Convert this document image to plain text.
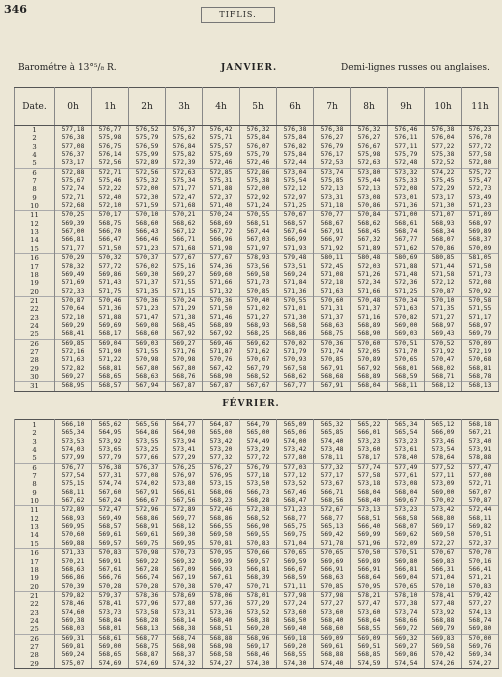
346	TIFLIS.
Barométre à 13°⁵/₈ R.	JANVIER.	Demi-lignes russes ou anglaises.
Date.	0h	1h	2h	3h	4h	5h	6h	7h	8h	9h	10h	11h
1	577,18	576,77	576,52	576,37	576,42	576,32	576,38	576,38	576,32	576,46	576,38	576,23
2	576,38	575,98	575,79	575,62	575,71	575,84	575,84	576,27	576,27	576,11	576,04	576,70
3	577,08	576,75	576,59	576,84	575,57	576,07	576,82	576,79	576,67	577,11	577,22	577,72
4	576,37	576,14	575,99	575,82	575,69	575,79	575,84	576,17	575,98	575,79	575,38	577,58
5	573,17	572,56	572,89	572,39	572,46	572,46	572,44	572,53	572,63	572,48	572,52	572,80
6	572,88	572,71	572,56	572,63	572,85	572,86	573,04	573,74	573,80	573,32	574,22	575,72
7	575,67	575,46	575,32	575,34	575,31	575,38	575,54	575,85	575,44	575,33	575,45	575,47
8	572,74	572,22	572,00	571,77	571,88	572,00	572,12	572,13	572,13	572,08	572,29	572,73
9	572,71	572,40	572,30	572,47	572,37	572,92	572,97	573,31	573,08	573,01	573,17	573,49
10	572,68	572,10	571,59	571,68	571,40	571,24	571,25	571,18	570,86	571,36	571,30	571,23
11	570,25	570,17	570,10	570,21	570,24	570,55	570,67	570,77	570,84	571,00	571,07	571,09
12	569,39	568,75	568,60	568,62	568,69	568,51	568,57	568,67	568,62	568,61	568,93	568,97
13	567,00	566,70	566,43	567,12	567,72	567,44	567,64	567,91	568,45	568,74	568,34	569,89
14	566,81	566,47	566,46	566,71	566,96	567,03	566,99	566,97	567,32	567,77	568,07	568,37
15	571,77	571,50	571,23	571,68	571,98	571,97	571,93	571,92	571,89	571,62	570,86	570,09
16	570,29	570,32	570,37	577,67	577,67	578,93	579,48	580,11	580,48	580,69	580,85	581,05
17	578,32	577,72	576,02	575,16	574,36	573,56	573,51	572,45	572,03	571,88	571,44	571,50
18	569,49	569,86	569,30	569,27	569,60	569,58	569,24	571,08	571,26	571,48	571,58	571,73
19	571,69	571,43	571,37	571,55	571,66	571,73	571,84	572,18	572,34	572,36	572,12	572,08
20	572,33	571,75	571,35	571,15	571,32	570,85	571,36	571,63	571,66	571,25	570,87	570,92
21	570,87	570,46	570,36	570,24	570,36	570,40	570,55	570,60	570,48	570,34	570,10	570,58
22	570,64	571,36	571,23	571,29	571,50	571,02	571,01	571,31	571,37	571,63	571,35	571,55
23	572,10	571,88	571,47	571,38	571,46	571,27	571,30	571,37	571,16	570,82	571,27	571,17
24	569,29	569,69	569,08	568,45	568,89	568,93	568,58	568,63	568,89	569,00	568,97	568,97
25	568,41	568,17	568,60	567,92	567,92	568,25	568,86	568,75	568,90	569,03	569,43	569,79
26	569,85	569,04	569,03	569,27	569,46	569,62	570,02	570,36	570,60	570,51	570,52	570,09
27	572,16	571,90	571,55	571,76	571,87	571,62	571,79	571,74	572,05	571,70	571,92	572,19
28	571,63	571,22	570,98	570,98	570,76	570,67	570,93	570,85	570,89	570,65	570,47	570,68
29	572,82	568,81	567,80	567,80	567,42	567,79	567,58	567,91	567,92	568,01	568,02	568,81
30	569,27	568,65	568,63	568,76	568,90	568,52	568,62	568,68	568,89	568,59	568,71	568,78
31	568,95	568,57	567,94	567,87	567,87	567,67	567,77	567,91	568,04	568,11	568,12	568,13
FÉVRIER.
1	566,10	565,62	565,56	564,77	564,87	564,79	565,09	565,32	565,22	565,34	565,12	568,18
2	565,34	564,95	564,86	564,90	565,00	565,00	565,06	565,85	566,01	565,54	566,09	567,21
3	573,53	573,92	573,55	573,94	573,42	574,49	574,00	574,40	573,23	573,23	573,46	573,40
4	574,03	573,65	573,25	573,41	573,20	573,29	573,42	573,48	573,60	573,61	573,54	573,91
5	577,99	577,79	577,66	577,29	577,32	577,72	577,80	578,11	578,17	578,40	578,64	578,88
6	576,77	576,38	576,37	576,25	576,27	576,79	577,03	577,32	577,74	577,49	577,52	577,47
7	577,54	577,31	577,08	576,97	576,95	577,18	577,12	577,17	577,58	577,61	577,11	577,00
8	575,15	574,74	574,02	573,80	573,15	573,50	573,52	573,67	573,18	573,08	573,09	572,71
9	568,11	567,60	567,91	566,61	568,06	566,73	567,46	566,71	568,04	568,04	569,00	567,07
10	567,62	567,24	566,67	567,56	568,23	568,28	568,47	568,56	568,40	569,67	570,02	570,87
11	572,89	572,47	572,96	572,89	572,46	572,38	571,23	572,67	573,13	573,23	573,42	572,44
12	568,93	569,49	568,86	569,77	568,86	568,52	568,77	568,77	568,51	568,58	568,80	568,11
13	569,95	568,57	568,91	568,12	566,55	566,90	565,75	565,13	566,40	568,07	569,17	569,82
14	570,60	569,61	569,61	569,30	569,50	569,55	569,75	569,42	569,99	569,62	569,50	570,51
15	569,88	569,57	569,75	569,95	570,81	570,83	571,04	571,78	571,96	572,09	572,27	572,37
16	571,33	570,83	570,98	570,73	570,95	570,66	570,65	570,65	570,50	570,51	570,67	570,70
17	570,21	569,91	569,22	569,32	569,39	569,57	569,59	569,69	569,89	569,80	569,83	570,16
18	568,63	567,61	567,28	567,09	566,93	566,81	566,67	566,91	566,91	566,81	566,31	566,41
19	566,86	566,76	566,74	567,19	567,61	568,39	568,59	568,63	568,64	569,04	571,04	571,21
20	570,39	570,28	570,28	570,38	570,47	570,71	571,11	570,85	570,95	570,65	570,10	570,83
21	579,82	579,37	578,36	578,69	578,06	578,01	577,98	577,98	578,21	578,10	578,41	579,42
22	578,46	578,41	577,96	577,80	577,36	577,29	577,24	577,27	577,47	577,38	577,48	577,27
23	574,60	573,73	573,58	573,31	573,36	573,52	573,60	573,60	573,60	573,74	573,92	574,13
24	569,38	568,84	568,28	568,14	568,40	568,38	568,50	568,40	568,64	568,66	568,88	568,74
25	568,03	568,01	568,13	568,38	568,51	569,20	569,40	568,60	568,55	569,72	569,79	569,80
26	569,31	568,61	568,77	568,74	568,88	568,96	569,18	569,09	569,09	569,32	569,83	570,00
27	569,81	569,00	568,75	568,98	568,98	569,17	569,20	569,61	569,51	569,27	569,58	569,76
28	569,24	568,65	568,87	568,37	568,58	568,46	568,55	568,88	568,85	569,86	570,42	569,34
29	575,07	574,69	574,69	574,32	574,27	574,30	574,30	574,40	574,59	574,54	574,26	574,27
